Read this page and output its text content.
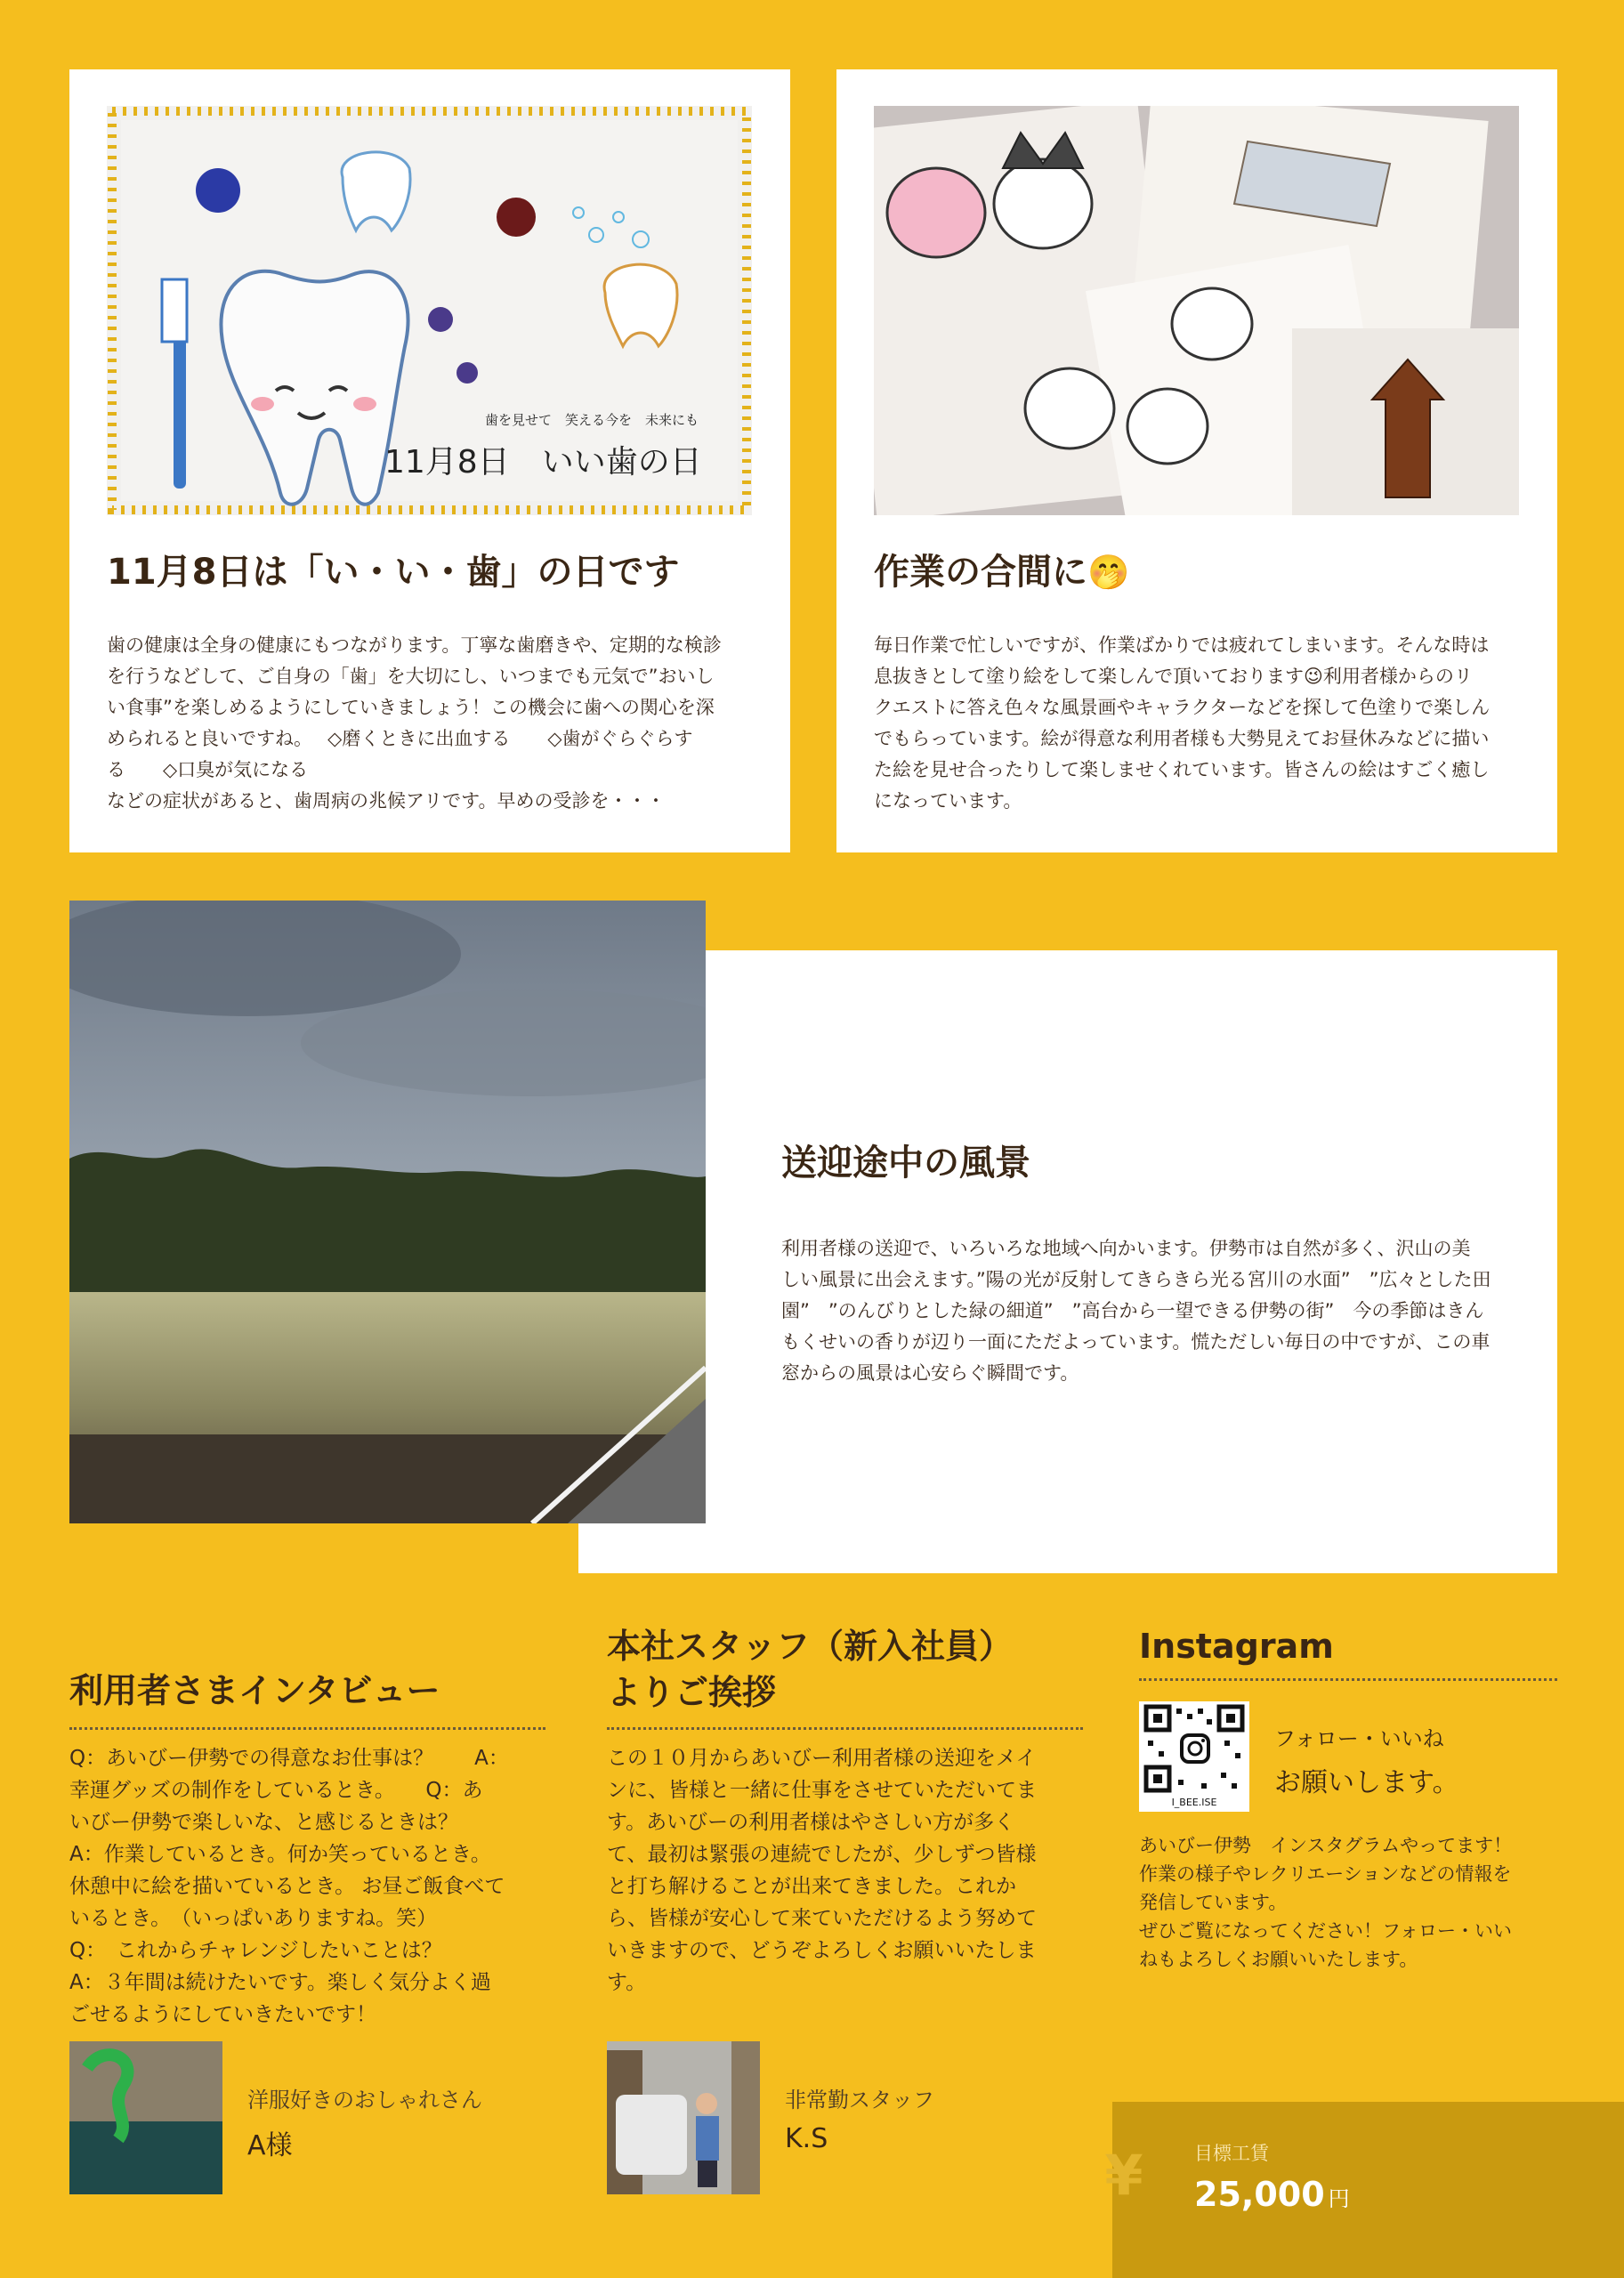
歯を見せて　笑える今を　未来にも
11月8日　いい歯の日
11月8日は「い・い・歯」の日です
歯の健康は全身の健康にもつながります。丁寧な歯磨きや、定期的な検診
を行うなどして、ご自身の「歯」を大切にし、いつまでも元気で”おいし
い食事”を楽しめるようにしていきましょう！この機会に歯への関心を深
められると良いですね。　 ◇磨くときに出血する　　◇歯がぐらぐらす
る　　◇口臭が気になる
などの症状があると、歯周病の兆候アリです。早めの受診を・・・
作業の合間に🤭
毎日作業で忙しいですが、作業ばかりでは疲れてしまいます。そんな時は
息抜きとして塗り絵をして楽しんで頂いております😉利用者様からのリ
クエストに答え色々な風景画やキャラクターなどを探して色塗りで楽しん
でもらっています。絵が得意な利用者様も大勢見えてお昼休みなどに描い
た絵を見せ合ったりして楽しませくれています。皆さんの絵はすごく癒し
になっています。
送迎途中の風景
利用者様の送迎で、いろいろな地域へ向かいます。伊勢市は自然が多く、沢山の美
しい風景に出会えます。”陽の光が反射してきらきら光る宮川の水面”　”広々とした田
園”　”のんびりとした緑の細道”　”高台から一望できる伊勢の街”　今の季節はきん
もくせいの香りが辺り一面にただよっています。慌ただしい毎日の中ですが、この車
窓からの風景は心安らぐ瞬間です。
利用者さまインタビュー
Q：あいびー伊勢での得意なお仕事は？　　A：
幸運グッズの制作をしているとき。　　Q：あ
いびー伊勢で楽しいな、と感じるときは？
A：作業しているとき。何か笑っているとき。
休憩中に絵を描いているとき。 お昼ご飯食べて
いるとき。　（いっぱいありますね。笑）
Q：　これからチャレンジしたいことは？
A：３年間は続けたいです。楽しく気分よく過
ごせるようにしていきたいです！
洋服好きのおしゃれさん
A様
本社スタッフ（新入社員）
よりご挨拶
この１０月からあいびー利用者様の送迎をメイ
ンに、皆様と一緒に仕事をさせていただいてま
す。あいびーの利用者様はやさしい方が多く
て、最初は緊張の連続でしたが、少しずつ皆様
と打ち解けることが出来てきました。これか
ら、皆様が安心して来ていただけるよう努めて
いきますので、どうぞよろしくお願いいたしま
す。
非常勤スタッフ
K.S
Instagram
I_BEE.ISE
フォロー・いいね
お願いします。
あいびー伊勢　インスタグラムやってます！
作業の様子やレクリエーションなどの情報を
発信しています。
ぜひご覧になってください！フォロー・いい
ねもよろしくお願いいたします。
¥	目標工賃
25,000 円
